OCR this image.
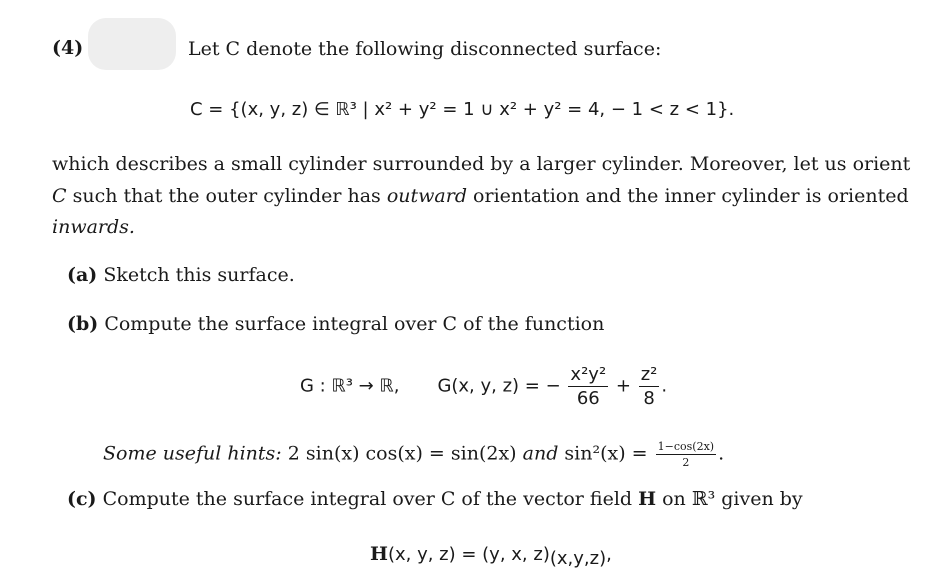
(4)	Let C denote the following disconnected surface:
C = {(x, y, z) ∈ ℝ³ | x² + y² = 1 ∪ x² + y² = 4, − 1 < z < 1}.
which describes a small cylinder surrounded by a larger cylinder. Moreover, let us orient
C such that the outer cylinder has outward orientation and the inner cylinder is oriented
inwards.
(a) Sketch this surface.
(b) Compute the surface integral over C of the function
G : ℝ³ → ℝ, G(x, y, z) = − $\frac{\text{x²y²}}{66} + \frac{\text{z²}}{8}$ .
Some useful hints: 2 sin(x) cos(x) = sin(2x) and $\sin^2(x) = \frac{1-\cos(2x)}{2}$ .
(c) Compute the surface integral over C of the vector field H on ℝ³ given by
H(x, y, z) = (y, x, $z)_{(x,y,z)}$,
